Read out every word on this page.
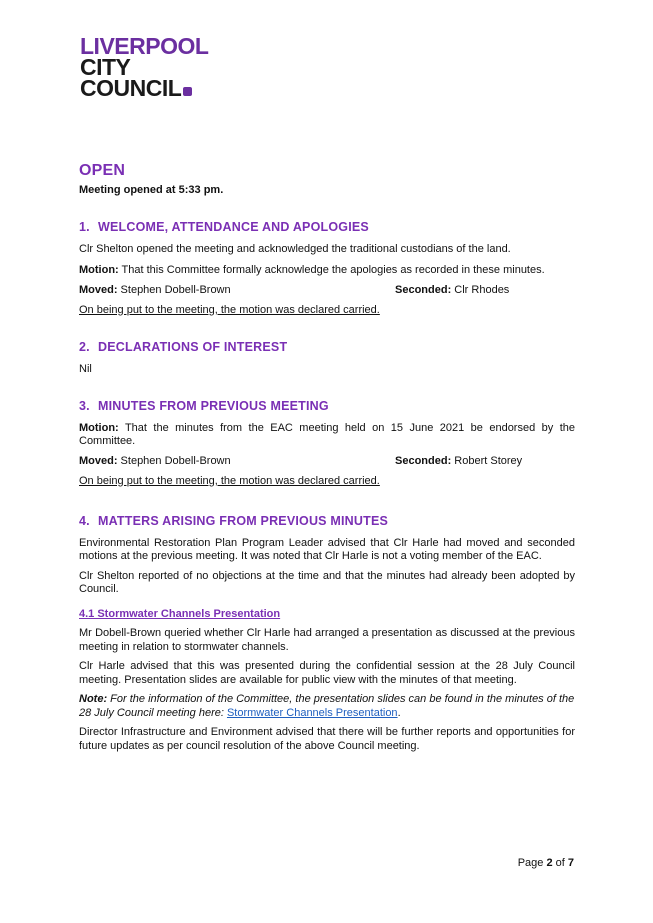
LIVERPOOL
CITY
COUNCIL
OPEN

Meeting opened at 5:33 pm.

1. WELCOME, ATTENDANCE AND APOLOGIES

Clr Shelton opened the meeting and acknowledged the traditional custodians of the land.

Motion: That this Committee formally acknowledge the apologies as recorded in these minutes.

Moved: Stephen Dobell-Brown	Seconded: Clr Rhodes

On being put to the meeting, the motion was declared carried.

2. DECLARATIONS OF INTEREST

Nil

3. MINUTES FROM PREVIOUS MEETING

Motion: That the minutes from the EAC meeting held on 15 June 2021 be endorsed by the Committee.

Moved: Stephen Dobell-Brown	Seconded: Robert Storey

On being put to the meeting, the motion was declared carried.

4. MATTERS ARISING FROM PREVIOUS MINUTES

Environmental Restoration Plan Program Leader advised that Clr Harle had moved and seconded motions at the previous meeting. It was noted that Clr Harle is not a voting member of the EAC.

Clr Shelton reported of no objections at the time and that the minutes had already been adopted by Council.

4.1 Stormwater Channels Presentation

Mr Dobell-Brown queried whether Clr Harle had arranged a presentation as discussed at the previous meeting in relation to stormwater channels.

Clr Harle advised that this was presented during the confidential session at the 28 July Council meeting. Presentation slides are available for public view with the minutes of that meeting.

Note: For the information of the Committee, the presentation slides can be found in the minutes of the 28 July Council meeting here: Stormwater Channels Presentation.

Director Infrastructure and Environment advised that there will be further reports and opportunities for future updates as per council resolution of the above Council meeting.

Page 2 of 7
